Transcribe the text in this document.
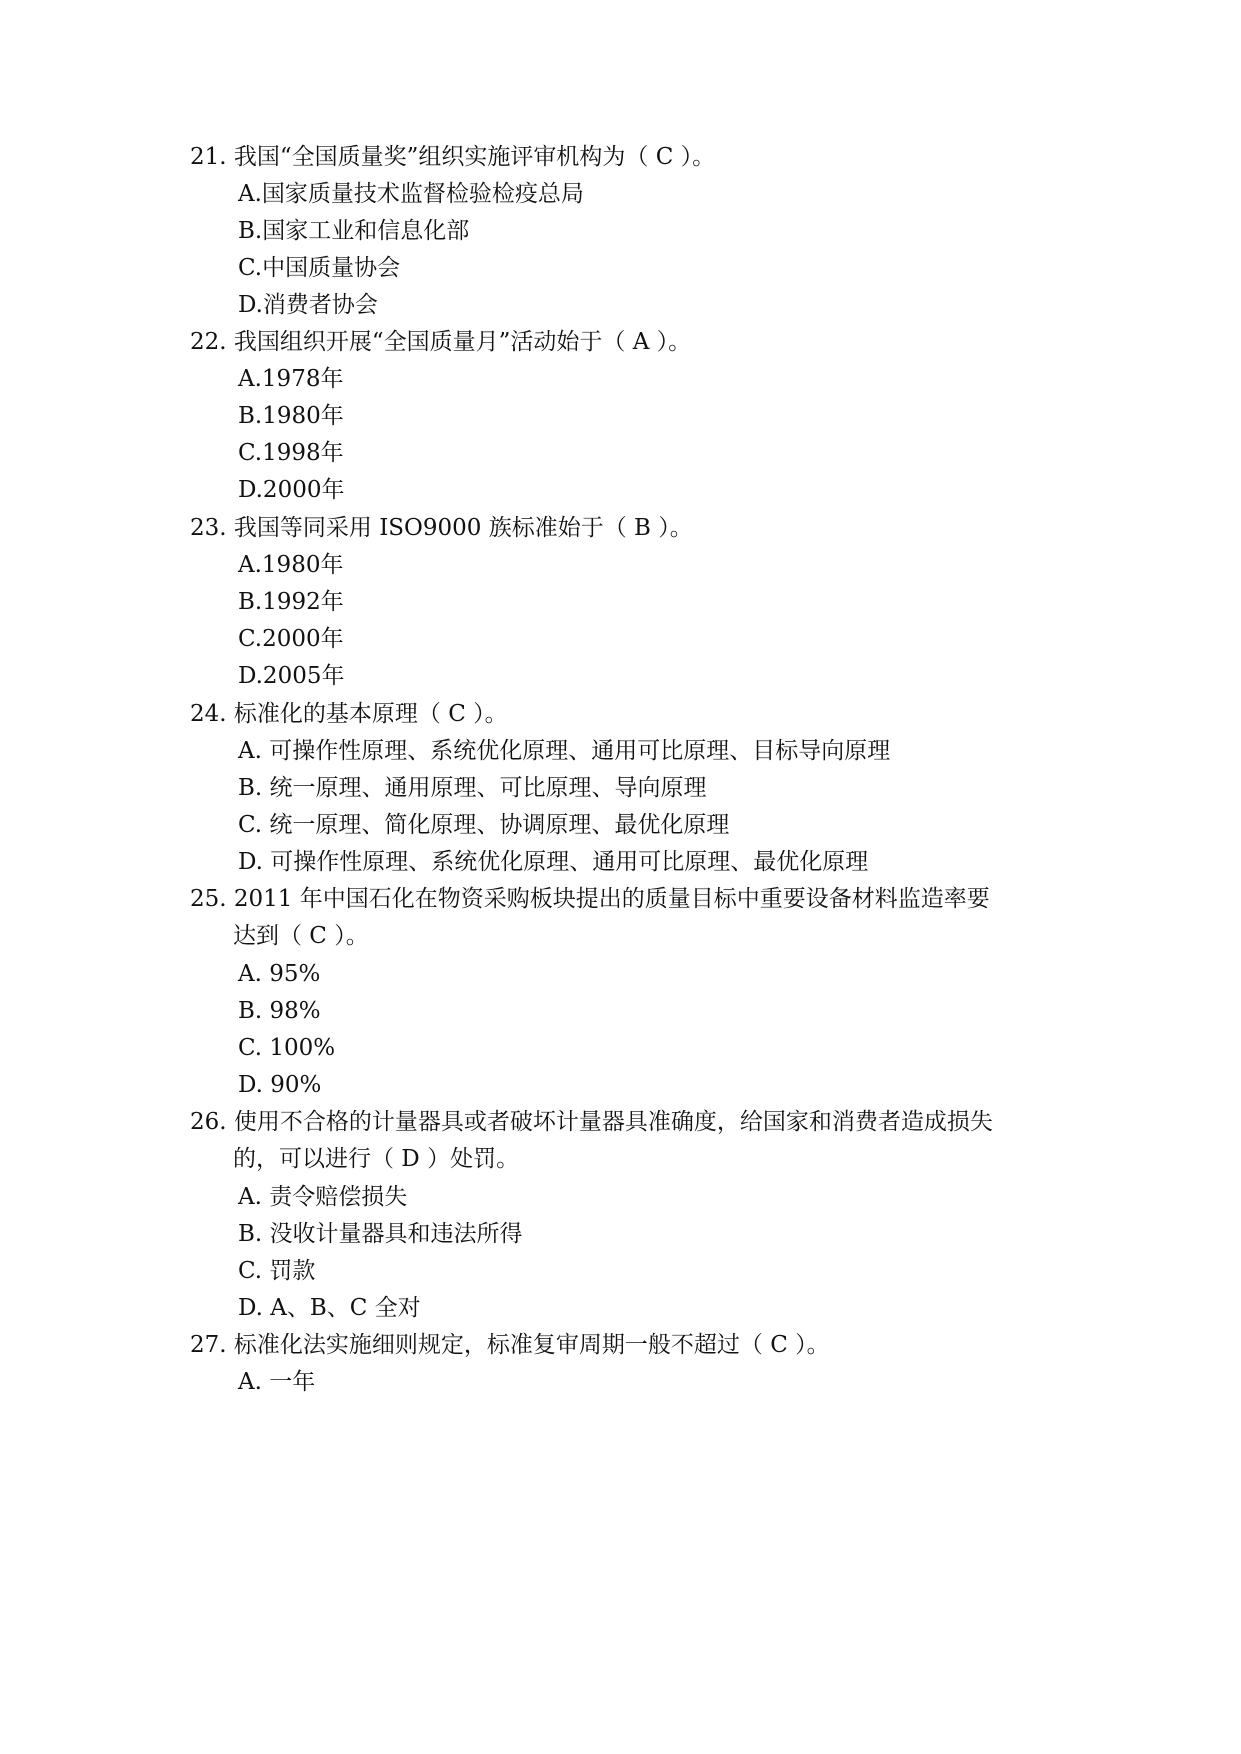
21. 我国“全国质量奖”组织实施评审机构为（ C ）。
A.国家质量技术监督检验检疫总局
B.国家工业和信息化部
C.中国质量协会
D.消费者协会
22. 我国组织开展“全国质量月”活动始于（ A ）。
A.1978年
B.1980年
C.1998年
D.2000年
23. 我国等同采用 ISO9000 族标准始于（ B ）。
A.1980年
B.1992年
C.2000年
D.2005年
24. 标准化的基本原理（ C ）。
A. 可操作性原理、系统优化原理、通用可比原理、目标导向原理
B. 统一原理、通用原理、可比原理、导向原理
C. 统一原理、简化原理、协调原理、最优化原理
D. 可操作性原理、系统优化原理、通用可比原理、最优化原理
25. 2011 年中国石化在物资采购板块提出的质量目标中重要设备材料监造率要
达到（ C ）。
A. 95%
B. 98%
C. 100%
D. 90%
26. 使用不合格的计量器具或者破坏计量器具准确度，给国家和消费者造成损失
的，可以进行（ D ）处罚。
A. 责令赔偿损失
B. 没收计量器具和违法所得
C. 罚款
D. A、B、C 全对
27. 标准化法实施细则规定，标准复审周期一般不超过（ C ）。
A. 一年
